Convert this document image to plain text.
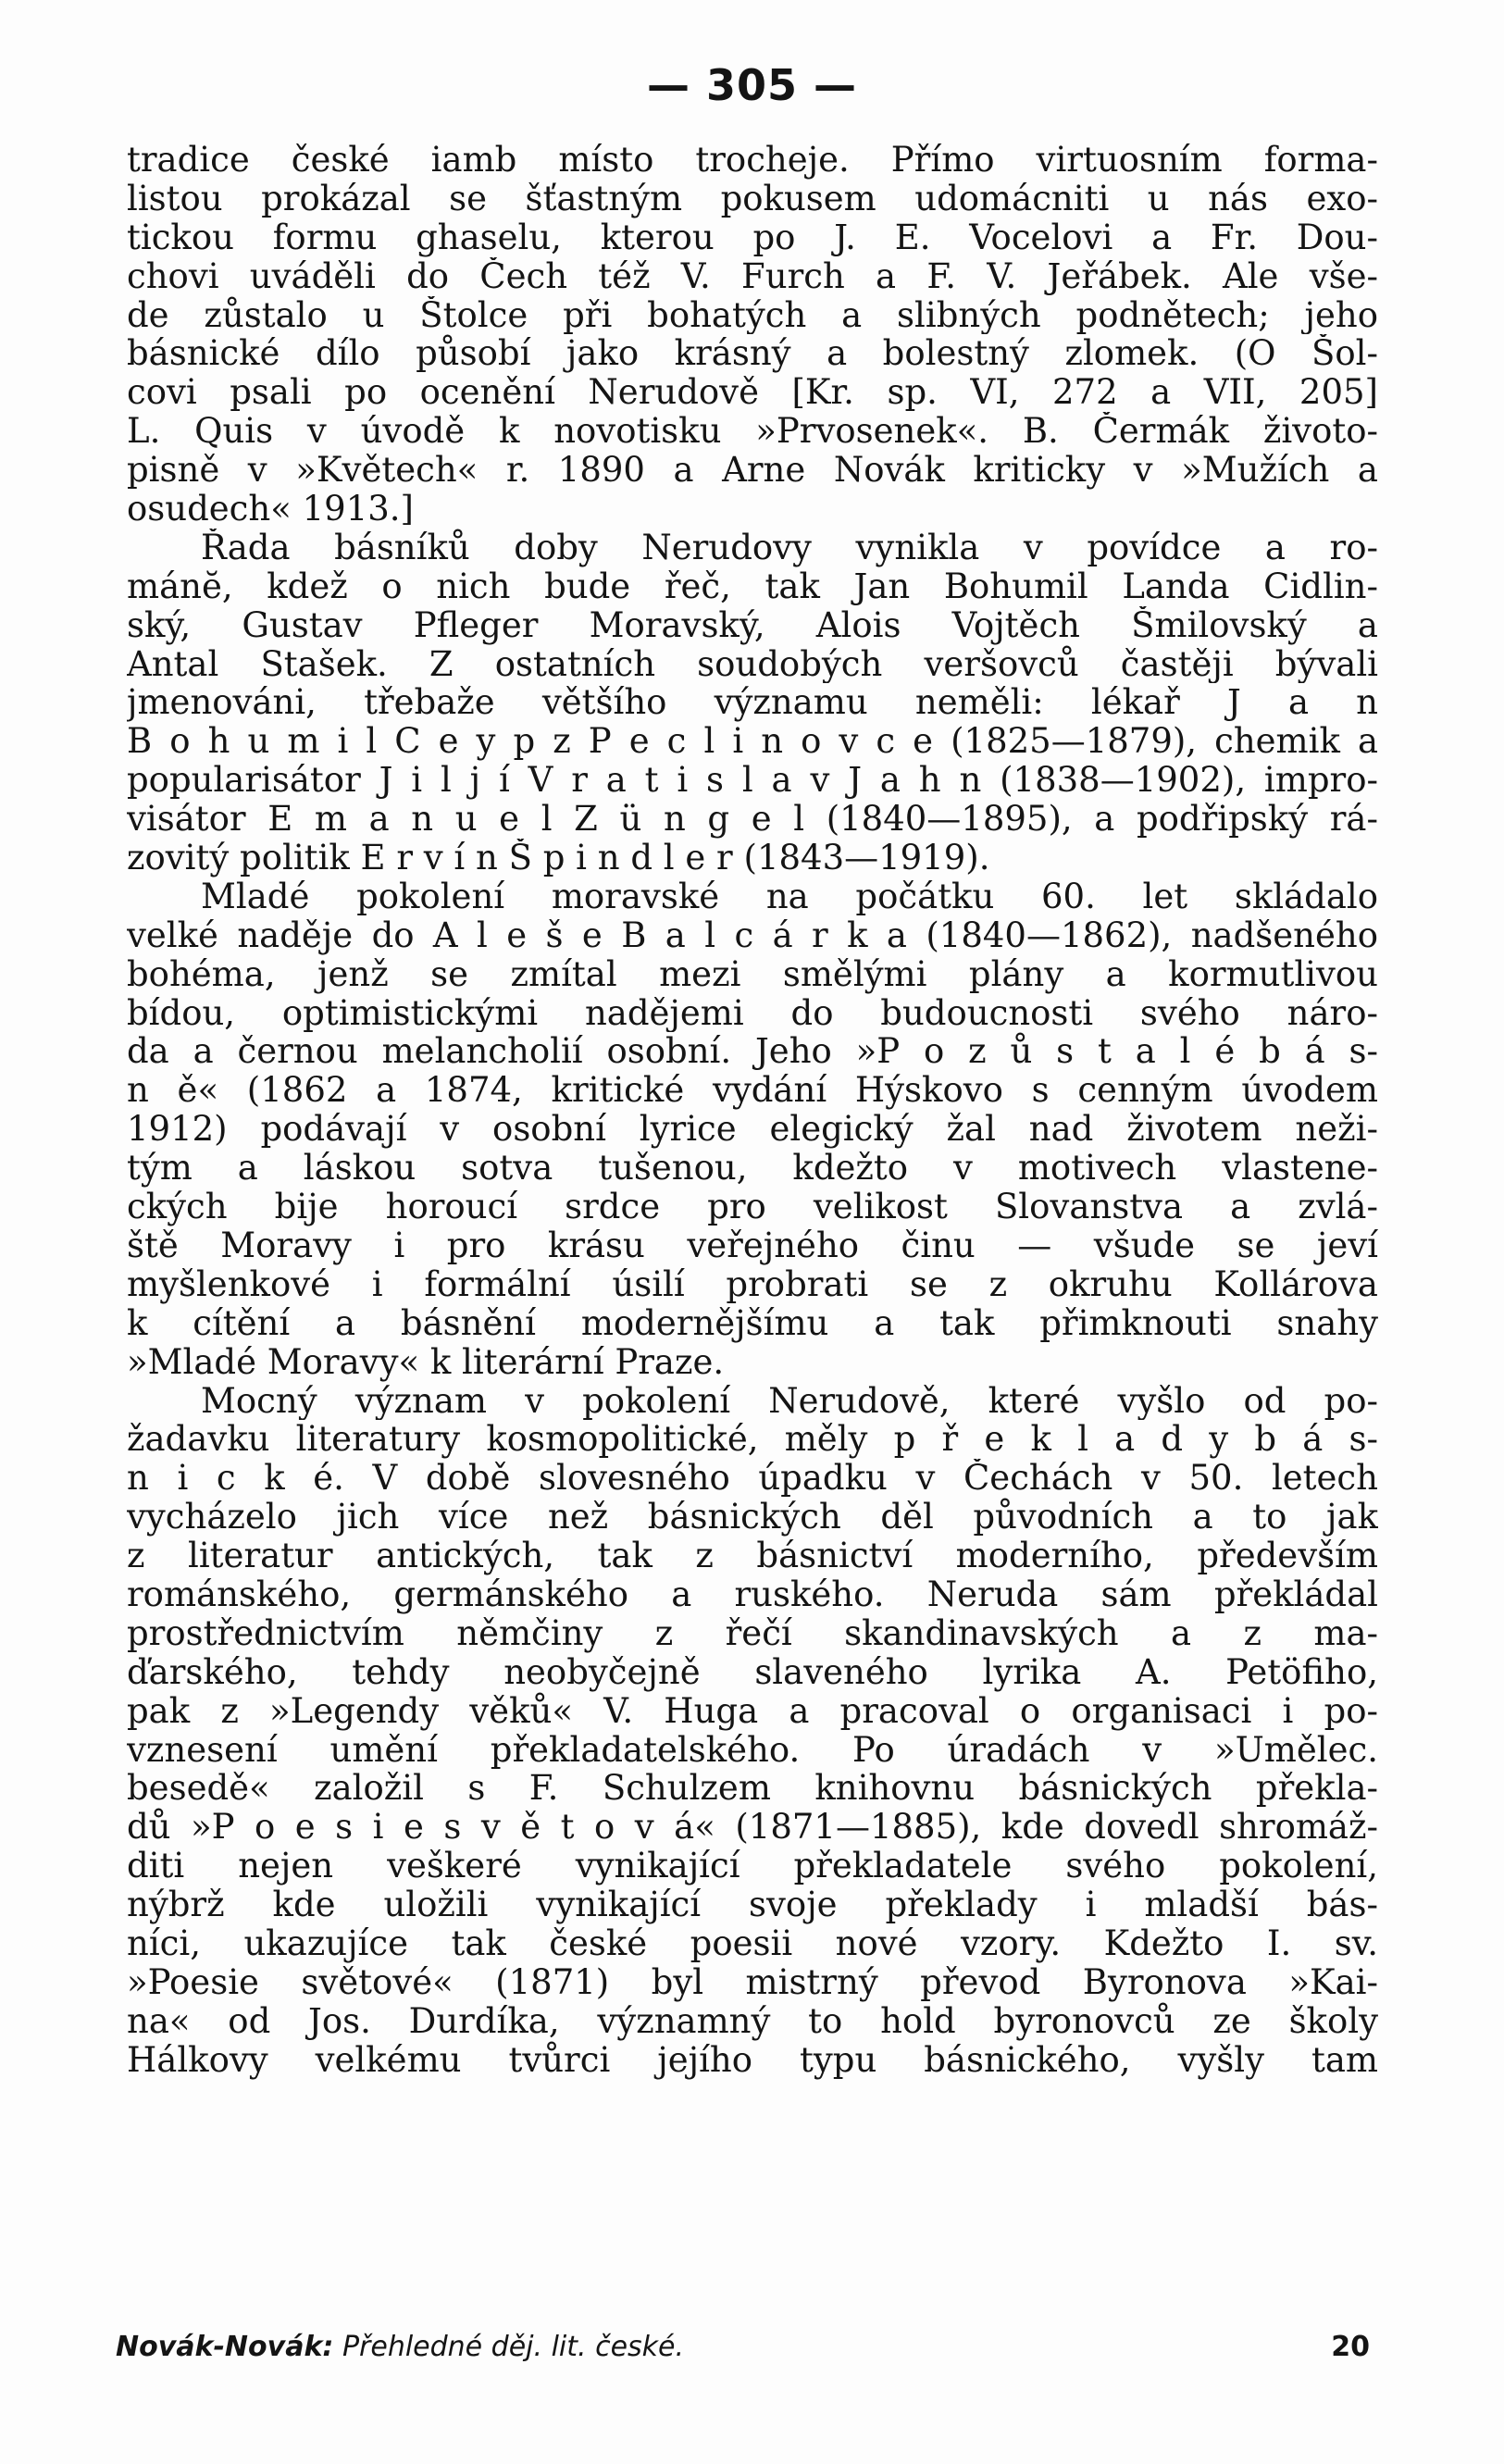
— 305 —
tradice české iamb místo trocheje. Přímo virtuosním forma-
listou prokázal se šťastným pokusem udomácniti u nás exo-
tickou formu ghaselu, kterou po J. E. Vocelovi a Fr. Dou-
chovi uváděli do Čech též V. Furch a F. V. Jeřábek. Ale vše-
de zůstalo u Štolce při bohatých a slibných podnětech; jeho
básnické dílo působí jako krásný a bolestný zlomek. (O Šol-
covi psali po ocenění Nerudově [Kr. sp. VI, 272 a VII, 205]
L. Quis v úvodě k novotisku »Prvosenek«. B. Čermák životo-
pisně v »Květech« r. 1890 a Arne Novák kriticky v »Mužích a
osudech« 1913.]
Řada básníků doby Nerudovy vynikla v povídce a ro-
mánĕ, kdež o nich bude řeč, tak Jan Bohumil Landa Cidlin-
ský, Gustav Pfleger Moravský, Alois Vojtěch Šmilovský a
Antal Stašek. Z ostatních soudobých veršovců častěji bývali
jmenováni, třebaže většího významu neměli: lékař J a n
B o h u m i l C e y p z P e c l i n o v c e (1825—1879), chemik a
popularisátor J i l j í V r a t i s l a v J a h n (1838—1902), impro-
visátor E m a n u e l Z ü n g e l (1840—1895), a podřipský rá-
zovitý politik E r v í n Š p i n d l e r (1843—1919).
Mladé pokolení moravské na počátku 60. let skládalo
velké naděje do A l e š e B a l c á r k a (1840—1862), nadšeného
bohéma, jenž se zmítal mezi smělými plány a kormutlivou
bídou, optimistickými nadějemi do budoucnosti svého náro-
da a černou melancholií osobní. Jeho »P o z ů s t a l é b á s-
n ě« (1862 a 1874, kritické vydání Hýskovo s cenným úvodem
1912) podávají v osobní lyrice elegický žal nad životem neži-
tým a láskou sotva tušenou, kdežto v motivech vlastene-
ckých bije horoucí srdce pro velikost Slovanstva a zvlá-
ště Moravy i pro krásu veřejného činu — všude se jeví
myšlenkové i formální úsilí probrati se z okruhu Kollárova
k cítění a básnění modernějšímu a tak přimknouti snahy
»Mladé Moravy« k literární Praze.
Mocný význam v pokolení Nerudově, které vyšlo od po-
žadavku literatury kosmopolitické, měly p ř e k l a d y b á s-
n i c k é. V době slovesného úpadku v Čechách v 50. letech
vycházelo jich více než básnických děl původních a to jak
z literatur antických, tak z básnictví moderního, především
románského, germánského a ruského. Neruda sám překládal
prostřednictvím němčiny z řečí skandinavských a z ma-
ďarského, tehdy neobyčejně slaveného lyrika A. Petöfiho,
pak z »Legendy věků« V. Huga a pracoval o organisaci i po-
vznesení umění překladatelského. Po úradách v »Umělec.
besedě« založil s F. Schulzem knihovnu básnických překla-
dů »P o e s i e s v ě t o v á« (1871—1885), kde dovedl shromáž-
diti nejen veškeré vynikající překladatele svého pokolení,
nýbrž kde uložili vynikající svoje překlady i mladší bás-
níci, ukazujíce tak české poesii nové vzory. Kdežto I. sv.
»Poesie světové« (1871) byl mistrný převod Byronova »Kai-
na« od Jos. Durdíka, významný to hold byronovců ze školy
Hálkovy velkému tvůrci jejího typu básnického, vyšly tam
Novák-Novák: Přehledné děj. lit. české.	20
